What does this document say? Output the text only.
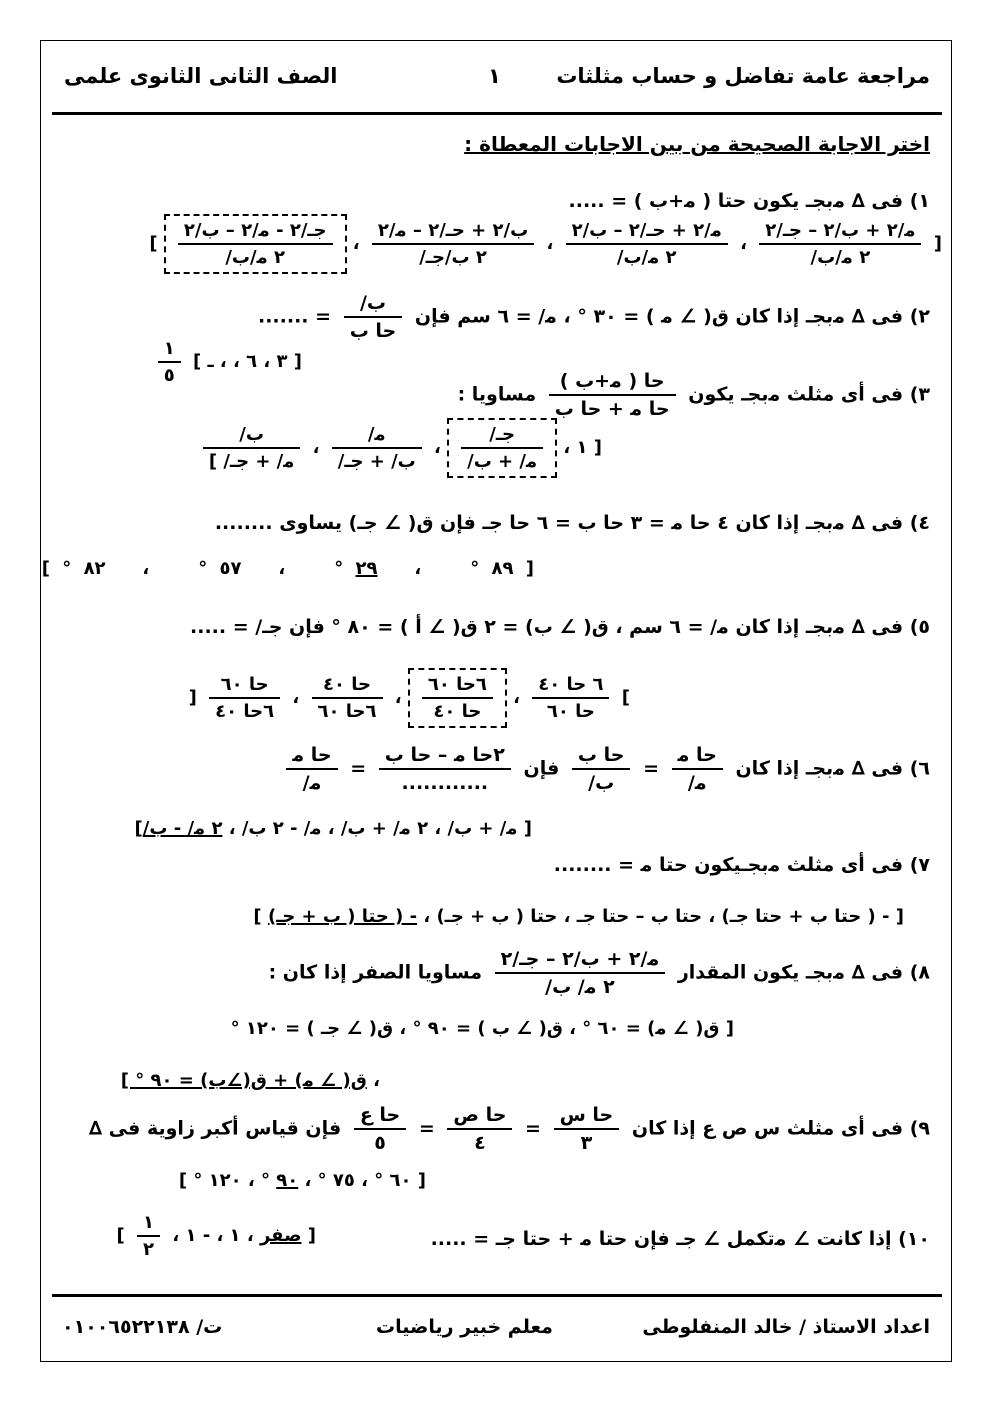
مراجعة عامة تفاضل و حساب مثلثات
١
الصف الثانى الثانوى علمى
اختر الاجابة الصحيحة من بين الاجابات المعطاة :
١) فى ∆ ﻣبجـ يكون حتا ( ﻣ+ب ) = .....
[
$\frac{\text{ﻣ/٢ + ب/٢ – جـ/٢}}{\text{٢ ﻣ/ب/}}$
،
$\frac{\text{ﻣ/٢ + حـ/٢ – ب/٢}}{\text{٢ ﻣ/ب/}}$
،
$\frac{\text{ب/٢ + حـ/٢ – ﻣ/٢}}{\text{٢ ب/جـ/}}$
،
$\frac{\text{جـ/٢ - ﻣ/٢ – ب/٢}}{\text{٢ ﻣ/ب/}}$
]
٢) فى ∆ ﻣبجـ إذا كان ق( ∠ ﻣ ) = ٣٠ ° ، ﻣ/ = ٦ سم فإن
$\frac{\text{ب/}}{\text{حا ب}}$
= .......
[ ٣ ، ٦ ، ، ـ ]
$\frac{١}{٥}$
٣) فى أى مثلث ﻣبجـ يكون
$\frac{\text{حا ( ﻣ+ب )}}{\text{حا ﻣ + حا ب}}$
مساويا :
[ ١ ،
$\frac{\text{جـ/}}{\text{ﻣ/ + ب/}}$
،
$\frac{\text{ﻣ/}}{\text{ب/ + جـ/}}$
،
$\frac{\text{ب/}}{\text{ﻣ/ + جـ/ ]}}$
٤) فى ∆ ﻣبجـ إذا كان ٤ حا ﻣ = ٣ حا ب = ٦ حا جـ فإن ق( ∠ جـ) يساوى ........
[ ٨٩ °    ،   ٢٩ °    ،   ٥٧ °    ،   ٨٢ ° ]
٥) فى ∆ ﻣبجـ إذا كان ﻣ/ = ٦ سم ، ق( ∠ ب) = ٢ ق( ∠ أ ) = ٨٠ ° فإن جـ/ = .....
]
$\frac{\text{٦ حا ٤٠}}{\text{حا ٦٠}}$
،
$\frac{\text{٦حا ٦٠}}{\text{حا ٤٠}}$
،
$\frac{\text{حا ٤٠}}{\text{٦حا ٦٠}}$
،
$\frac{\text{حا ٦٠}}{\text{٦حا ٤٠}}$
[
٦) فى ∆ ﻣبجـ إذا كان
$\frac{\text{حا ﻣ}}{\text{ﻣ/}}$
=
$\frac{\text{حا ب}}{\text{ب/}}$
فإن
$\frac{\text{٢حا ﻣ – حا ب}}{............}$
=
$\frac{\text{حا ﻣ}}{\text{ﻣ/}}$
[ ﻣ/ + ب/ ، ٢ ﻣ/ + ب/ ، ﻣ/ - ٢ ب/ ، ٢ ﻣ/ - ب/]
٧) فى أى مثلث ﻣبجـيكون حتا ﻣ = ........
[ - ( حتا ب + حتا جـ) ، حتا ب – حتا جـ ، حتا ( ب + جـ) ، - ( حتا ( ب + جـ) ]
٨) فى ∆ ﻣبجـ يكون المقدار
$\frac{\text{ﻣ/٢ + ب/٢ – جـ/٢}}{\text{٢ ﻣ/ ب/}}$
مساويا الصفر إذا كان :
[ ق( ∠ ﻣ) = ٦٠ ° ، ق( ∠ ب ) = ٩٠ ° ، ق( ∠ جـ ) = ١٢٠ °
، ق( ∠ ﻣ) + ق(∠ب) = ٩٠ ° ]
٩) فى أى مثلث س ص ع إذا كان
$\frac{\text{حا س}}{٣}$
=
$\frac{\text{حا ص}}{٤}$
=
$\frac{\text{حا ع}}{٥}$
فإن قياس أكبر زاوية فى ∆
[ ٦٠ ° ، ٧٥ ° ، ٩٠ ° ، ١٢٠ ° ]
١٠) إذا كانت ∠ ﻣتكمل ∠ جـ فإن حتا ﻣ + حتا جـ = .....
[ صفر ، ١ ، - ١ ،
$\frac{١}{٢}$
]
اعداد الاستاذ / خالد المنفلوطى
معلم خبير رياضيات
ت/ ٠١٠٠٦٥٢٢١٣٨
